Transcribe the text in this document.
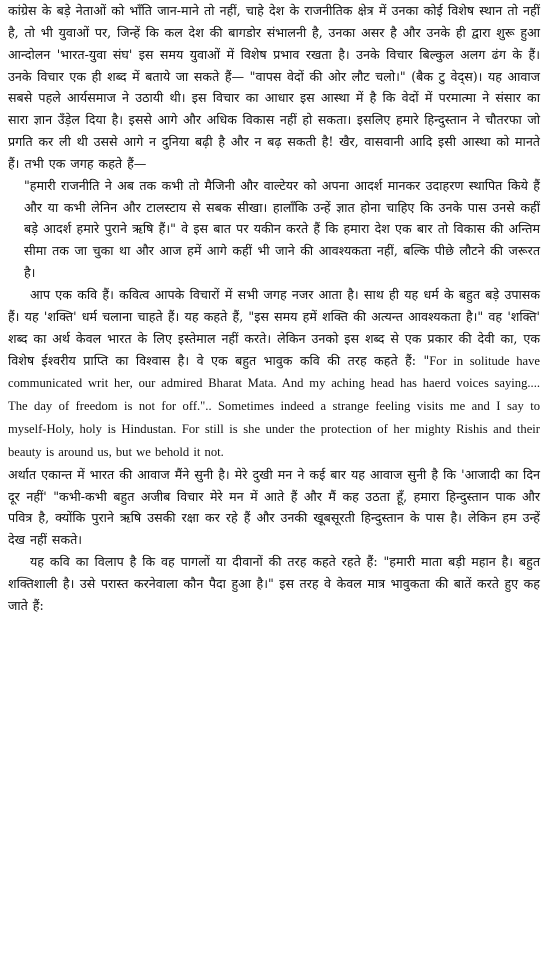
कांग्रेस के बड़े नेताओं को भाँति जान-माने तो नहीं, चाहे देश के राजनीतिक क्षेत्र में उनका कोई विशेष स्थान तो नहीं है, तो भी युवाओं पर, जिन्हें कि कल देश की बागडोर संभालनी है, उनका असर है और उनके ही द्वारा शुरू हुआ आन्दोलन 'भारत-युवा संघ' इस समय युवाओं में विशेष प्रभाव रखता है। उनके विचार बिल्कुल अलग ढंग के हैं। उनके विचार एक ही शब्द में बताये जा सकते हैं— "वापस वेदों की ओर लौट चलो।" (बैक टु वेद्स)। यह आवाज सबसे पहले आर्यसमाज ने उठायी थी। इस विचार का आधार इस आस्था में है कि वेदों में परमात्मा ने संसार का सारा ज्ञान उँड़ेल दिया है। इससे आगे और अधिक विकास नहीं हो सकता। इसलिए हमारे हिन्दुस्तान ने चौतरफा जो प्रगति कर ली थी उससे आगे न दुनिया बढ़ी है और न बढ़ सकती है! खैर, वासवानी आदि इसी आस्था को मानते हैं। तभी एक जगह कहते हैं—

"हमारी राजनीति ने अब तक कभी तो मैजिनी और वाल्टेयर को अपना आदर्श मानकर उदाहरण स्थापित किये हैं और या कभी लेनिन और टालस्टाय से सबक सीखा। हालाँकि उन्हें ज्ञात होना चाहिए कि उनके पास उनसे कहीं बड़े आदर्श हमारे पुराने ऋषि हैं।" वे इस बात पर यकीन करते हैं कि हमारा देश एक बार तो विकास की अन्तिम सीमा तक जा चुका था और आज हमें आगे कहीं भी जाने की आवश्यकता नहीं, बल्कि पीछे लौटने की जरूरत है।

आप एक कवि हैं। कवित्व आपके विचारों में सभी जगह नजर आता है। साथ ही यह धर्म के बहुत बड़े उपासक हैं। यह 'शक्ति' धर्म चलाना चाहते हैं। यह कहते हैं, "इस समय हमें शक्ति की अत्यन्त आवश्यकता है।" वह 'शक्ति' शब्द का अर्थ केवल भारत के लिए इस्तेमाल नहीं करते। लेकिन उनको इस शब्द से एक प्रकार की देवी का, एक विशेष ईश्वरीय प्राप्ति का विश्वास है। वे एक बहुत भावुक कवि की तरह कहते हैं: "For in solitude have communicated writ her, our admired Bharat Mata. And my aching head has haerd voices saying.... The day of freedom is not for off.".. Sometimes indeed a strange feeling visits me and I say to myself-Holy, holy is Hindustan. For still is she under the protection of her mighty Rishis and their beauty is around us, but we behold it not.

अर्थात एकान्त में भारत की आवाज मैंने सुनी है। मेरे दुखी मन ने कई बार यह आवाज सुनी है कि 'आजादी का दिन दूर नहीं' "कभी-कभी बहुत अजीब विचार मेरे मन में आते हैं और मैं कह उठता हूँ, हमारा हिन्दुस्तान पाक और पवित्र है, क्योंकि पुराने ऋषि उसकी रक्षा कर रहे हैं और उनकी खूबसूरती हिन्दुस्तान के पास है। लेकिन हम उन्हें देख नहीं सकते।

यह कवि का विलाप है कि वह पागलों या दीवानों की तरह कहते रहते हैं: "हमारी माता बड़ी महान है। बहुत शक्तिशाली है। उसे परास्त करनेवाला कौन पैदा हुआ है।" इस तरह वे केवल मात्र भावुकता की बातें करते हुए कह जाते हैं:
